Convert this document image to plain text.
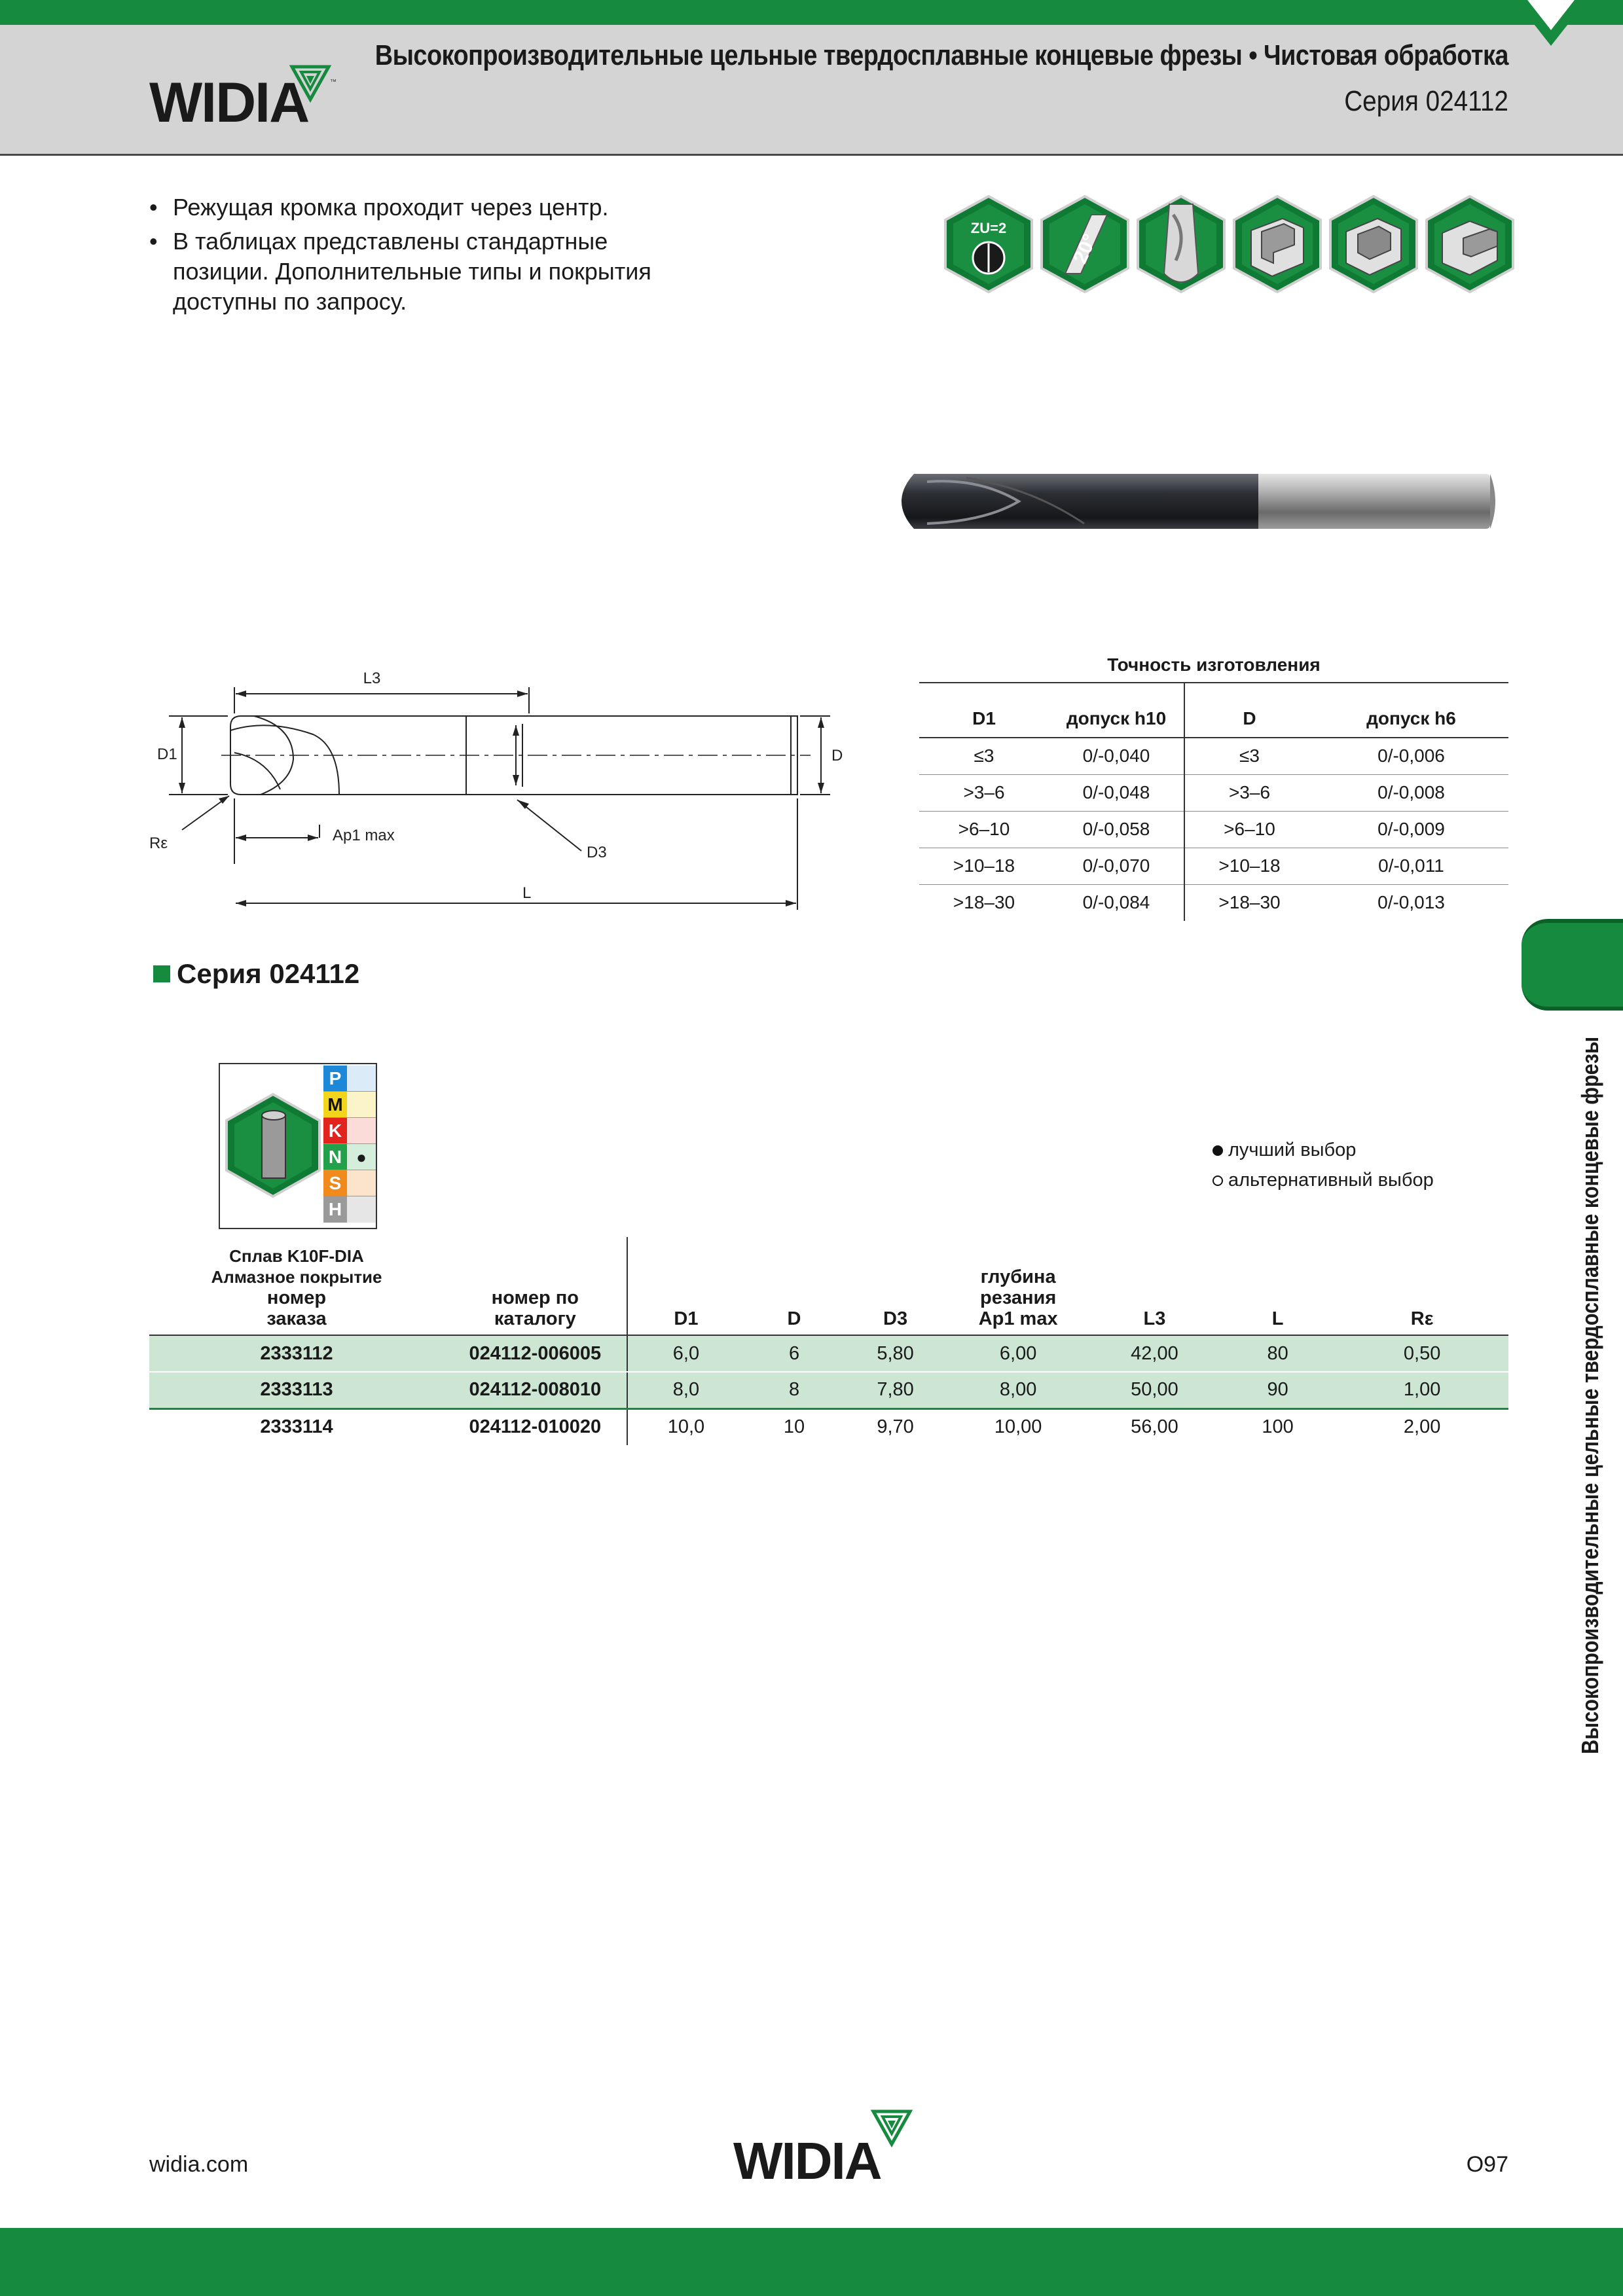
WIDIA	™
Высокопроизводительные цельные твердосплавные концевые фрезы • Чистовая обработка
Серия 024112
• Режущая кромка проходит через центр.
• В таблицах представлены стандартные позиции. Дополнительные типы и покрытия доступны по запросу.
ZU=2
20°
L3
D1	D
Rε	Ap1 max
D3
L
Точность изготовления
D1	допуск h10	D	допуск h6
≤3	0/-0,040	≤3	0/-0,006
>3–6	0/-0,048	>3–6	0/-0,008
>6–10	0/-0,058	>6–10	0/-0,009
>10–18	0/-0,070	>10–18	0/-0,011
>18–30	0/-0,084	>18–30	0/-0,013
Серия 024112
P
M
K
N ●
S
H
лучший выбор
альтернативный выбор
Сплав K10F-DIA
Алмазное покрытие
номер заказа	номер по каталогу	D1	D	D3	глубина резания Ap1 max	L3	L	Rε
2333112	024112-006005	6,0	6	5,80	6,00	42,00	80	0,50
2333113	024112-008010	8,0	8	7,80	8,00	50,00	90	1,00
2333114	024112-010020	10,0	10	9,70	10,00	56,00	100	2,00	Высокопроизводительные цельные твердосплавные концевые фрезы
widia.com	WIDIA	O97
